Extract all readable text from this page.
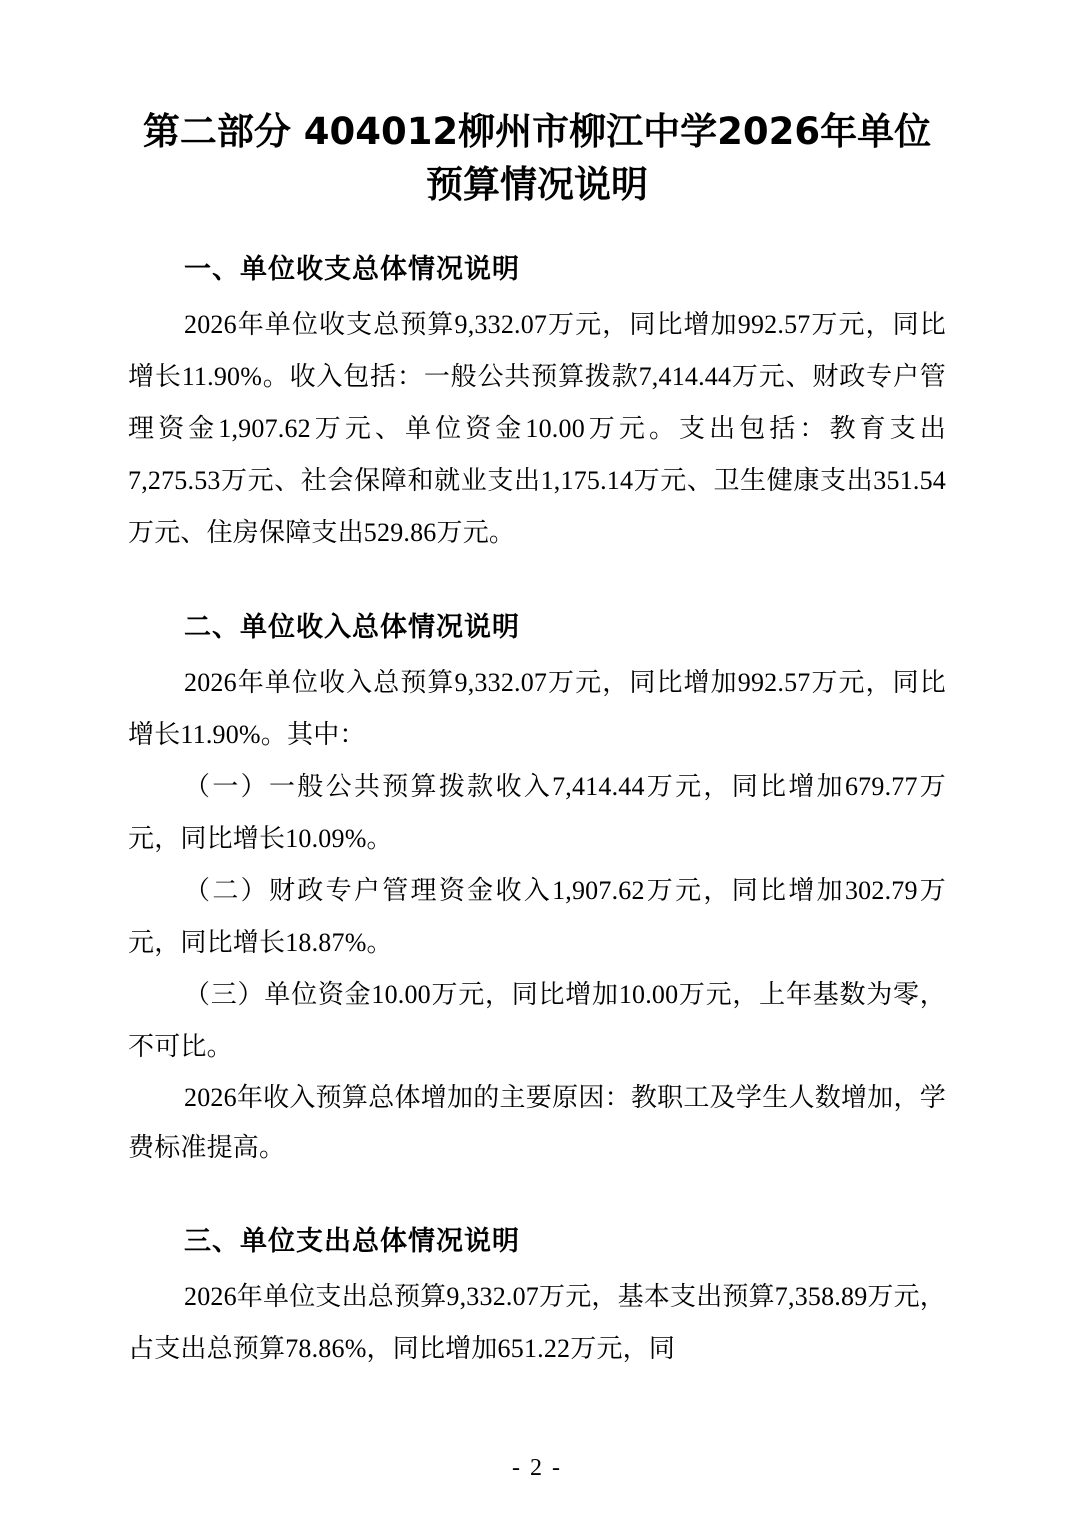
第二部分 404012柳州市柳江中学2026年单位预算情况说明
一、单位收支总体情况说明

2026年单位收支总预算9,332.07万元，同比增加992.57万元，同比增长11.90%。收入包括：一般公共预算拨款7,414.44万元、财政专户管理资金1,907.62万元、单位资金10.00万元。支出包括：教育支出7,275.53万元、社会保障和就业支出1,175.14万元、卫生健康支出351.54万元、住房保障支出529.86万元。

二、单位收入总体情况说明

2026年单位收入总预算9,332.07万元，同比增加992.57万元，同比增长11.90%。其中：

（一）一般公共预算拨款收入7,414.44万元，同比增加679.77万元，同比增长10.09%。

（二）财政专户管理资金收入1,907.62万元，同比增加302.79万元，同比增长18.87%。

（三）单位资金10.00万元，同比增加10.00万元，上年基数为零，不可比。

2026年收入预算总体增加的主要原因：教职工及学生人数增加，学费标准提高。

三、单位支出总体情况说明

2026年单位支出总预算9,332.07万元，基本支出预算7,358.89万元，占支出总预算78.86%，同比增加651.22万元，同

- 2 -
